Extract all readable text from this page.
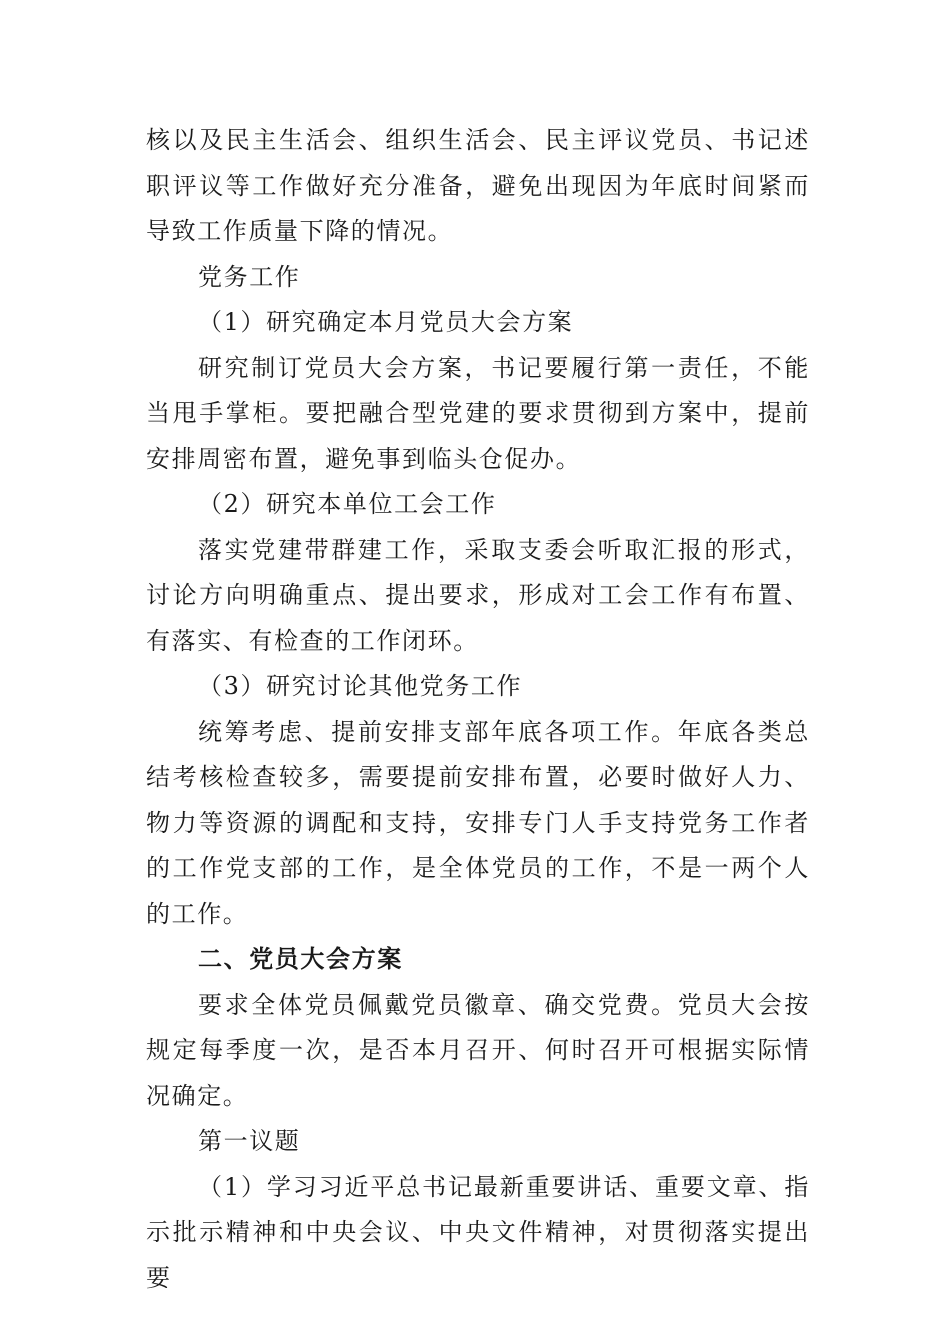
核以及民主生活会、组织生活会、民主评议党员、书记述职评议等工作做好充分准备，避免出现因为年底时间紧而导致工作质量下降的情况。

党务工作

（1）研究确定本月党员大会方案

研究制订党员大会方案，书记要履行第一责任，不能当甩手掌柜。要把融合型党建的要求贯彻到方案中，提前安排周密布置，避免事到临头仓促办。

（2）研究本单位工会工作

落实党建带群建工作，采取支委会听取汇报的形式，讨论方向明确重点、提出要求，形成对工会工作有布置、有落实、有检查的工作闭环。

（3）研究讨论其他党务工作

统筹考虑、提前安排支部年底各项工作。年底各类总结考核检查较多，需要提前安排布置，必要时做好人力、物力等资源的调配和支持，安排专门人手支持党务工作者的工作党支部的工作，是全体党员的工作，不是一两个人的工作。

二、党员大会方案

要求全体党员佩戴党员徽章、确交党费。党员大会按规定每季度一次，是否本月召开、何时召开可根据实际情况确定。

第一议题

（1）学习习近平总书记最新重要讲话、重要文章、指示批示精神和中央会议、中央文件精神，对贯彻落实提出要
